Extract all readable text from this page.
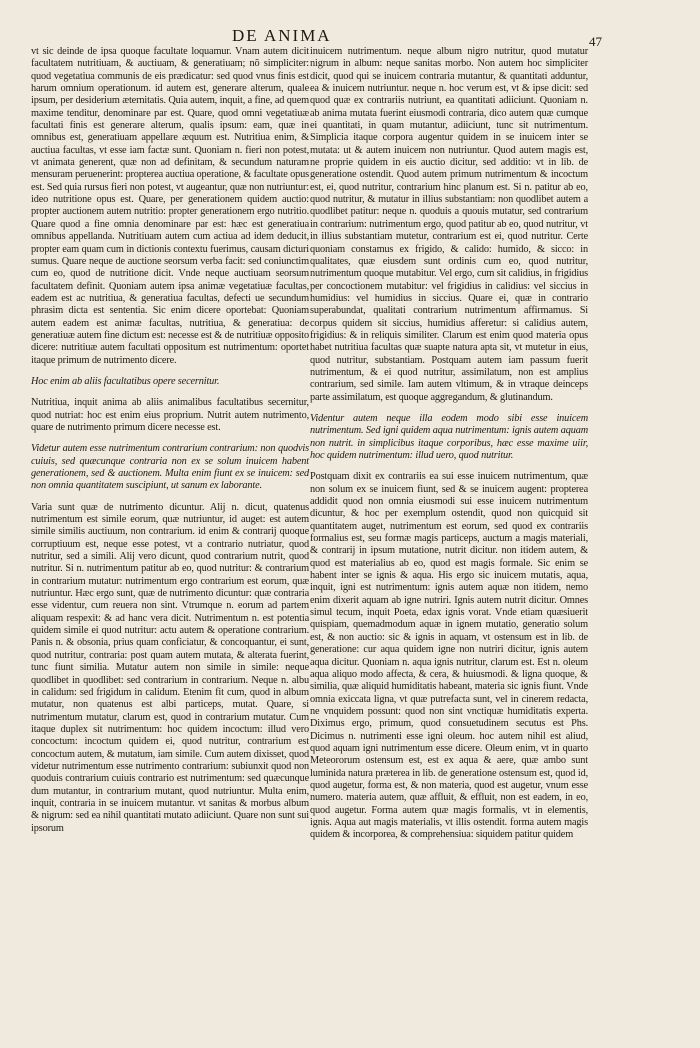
DE ANIMA	47

vt sic deinde de ipsa quoque facultate loquamur. Vnam autem dicit facultatem nutritiuam, & auctiuam, & generatiuam; nõ simpliciter: quod vegetatiua communis de eis prædicatur: sed quod vnus finis est harum omnium operationum. id autem est, generare alterum, quale ipsum, per desiderium æternitatis. Quia autem, inquit, a fine, ad quem maxime tenditur, denominare par est. Quare, quod omni vegetatiuæ facultati finis est generare alterum, qualis ipsum: eam, quæ in omnibus est, generatiuam appellare æquum est. Nutritiua enim, & auctiua facultas, vt esse iam factæ sunt. Quoniam n. fieri non potest, vt animata generent, quæ non ad definitam, & secundum naturam mensuram peruenerint: propterea auctiua operatione, & facultate opus est. Sed quia rursus fieri non potest, vt augeantur, quæ non nutriuntur: ideo nutritione opus est. Quare, per generationem quidem auctio: propter auctionem autem nutritio: propter generationem ergo nutritio. Quare quod a fine omnia denominare par est: hæc est generatiua omnibus appellanda. Nutritiuam autem cum actiua ad idem deducit, propter eam quam cum in dictionis contextu fuerimus, causam dicturi sumus. Quare neque de auctione seorsum verba facit: sed coniunctim cum eo, quod de nutritione dicit. Vnde neque auctiuam seorsum facultatem definit. Quoniam autem ipsa animæ vegetatiuæ facultas, eadem est ac nutritiua, & generatiua facultas, defecti ue secundum phrasim dicta est sententia. Sic enim dicere oportebat: Quoniam autem eadem est animæ facultas, nutritiua, & generatiua: de generatiuæ autem fine dictum est: necesse est & de nutritiuæ opposito dicere: nutritiuæ autem facultati oppositum est nutrimentum: oportet itaque primum de nutrimento dicere.

Hoc enim ab aliis facultatibus opere secernitur.

Nutritiua, inquit anima ab aliis animalibus facultatibus secernitur, quod nutriat: hoc est enim eius proprium. Nutrit autem nutrimento, quare de nutrimento primum dicere necesse est.

Videtur autem esse nutrimentum contrarium contrarium: non quodvis cuiuis, sed quæcunque contraria non ex se solum inuicem habent generationem, sed & auctionem. Multa enim fiunt ex se inuicem: sed non omnia quantitatem suscipiunt, ut sanum ex laborante.

Varia sunt quæ de nutrimento dicuntur. Alij n. dicut, quatenus nutrimentum est simile eorum, quæ nutriuntur, id auget: est autem simile similis auctiuum, non contrarium. id enim & contrarij quoque corruptiuum est, neque esse potest, vt a contrario nutriatur, quod nutritur, sed a simili. Alij vero dicunt, quod contrarium nutrit, quod nutritur. Si n. nutrimentum patitur ab eo, quod nutritur: & contrarium in contrarium mutatur: nutrimentum ergo contrarium est eorum, quæ nutriuntur. Hæc ergo sunt, quæ de nutrimento dicuntur: quæ contraria esse videntur, cum reuera non sint. Vtrumque n. eorum ad partem aliquam respexit: & ad hanc vera dicit. Nutrimentum n. est potentia quidem simile ei quod nutritur: actu autem & operatione contrarium. Panis n. & obsonia, prius quam conficiatur, & concoquantur, ei sunt, quod nutritur, contraria: post quam autem mutata, & alterata fuerint, tunc fiunt similia. Mutatur autem non simile in simile: neque quodlibet in quodlibet: sed contrarium in contrarium. Neque n. albu in calidum: sed frigidum in calidum. Etenim fit cum, quod in album mutatur, non quatenus est albi particeps, mutat. Quare, si nutrimentum mutatur, clarum est, quod in contrarium mutatur. Cum itaque duplex sit nutrimentum: hoc quidem incoctum: illud vero concoctum: incoctum quidem ei, quod nutritur, contrarium est concoctum autem, & mutatum, iam simile. Cum autem dixisset, quod videtur nutrimentum esse nutrimento contrarium: subiunxit quod non quoduis contrarium cuiuis contrario est nutrimentum: sed quæcunque dum mutantur, in contrarium mutant, quod nutriuntur. Multa enim, inquit, contraria in se inuicem mutantur. vt sanitas & morbus album & nigrum: sed ea nihil quantitati mutato adiiciunt. Quare non sunt sui ipsorum

inuicem nutrimentum. neque album nigro nutritur, quod mutatur nigrum in album: neque sanitas morbo. Non autem hoc simpliciter dicit, quod qui se inuicem contraria mutantur, & quantitati adduntur, ea & inuicem nutriuntur. neque n. hoc verum est, vt & ipse dicit: sed quod quæ ex contrariis nutriunt, ea quantitati adiiciunt. Quoniam n. ab anima mutata fuerint eiusmodi contraria, dico autem quæ cumque ei quantitati, in quam mutantur, adiiciunt, tunc sit nutrimentum. Simplicia itaque corpora augentur quidem in se inuicem inter se mutata: ut & autem inuicem non nutriuntur. Quod autem magis est, ne proprie quidem in eis auctio dicitur, sed additio: vt in lib. de generatione ostendit. Quod autem primum nutrimentum & incoctum est, ei, quod nutritur, contrarium hinc planum est. Si n. patitur ab eo, quod nutritur, & mutatur in illius substantiam: non quodlibet autem a quodlibet patitur: neque n. quoduis a quouis mutatur, sed contrarium in contrarium: nutrimentum ergo, quod patitur ab eo, quod nutritur, vt in illius substantiam mutetur, contrarium est ei, quod nutritur. Certe quoniam constamus ex frigido, & calido: humido, & sicco: in qualitates, quæ eiusdem sunt ordinis cum eo, quod nutritur, nutrimentum quoque mutabitur. Vel ergo, cum sit calidius, in frigidius per concoctionem mutabitur: vel frigidius in calidius: vel siccius in humidius: vel humidius in siccius. Quare ei, quæ in contrario superabundat, qualitati contrarium nutrimentum affirmamus. Si corpus quidem sit siccius, humidius afferetur: si calidius autem, frigidius: & in reliquis similiter. Clarum est enim quod materia opus habet nutritiua facultas quæ suapte natura apta sit, vt mutetur in eius, quod nutritur, substantiam. Postquam autem iam passum fuerit nutrimentum, & ei quod nutritur, assimilatum, non est amplius contrarium, sed simile. Iam autem vltimum, & in vtraque deinceps parte assimilatum, est quoque aggregandum, & glutinandum.

Videntur autem neque illa eodem modo sibi esse inuicem nutrimentum. Sed igni quidem aqua nutrimentum: ignis autem aquam non nutrit. in simplicibus itaque corporibus, hæc esse maxime uiir, hoc quidem nutrimentum: illud uero, quod nutritur.

Postquam dixit ex contrariis ea sui esse inuicem nutrimentum, quæ non solum ex se inuicem fiunt, sed & se inuicem augent: propterea addidit quod non omnia eiusmodi sui esse inuicem nutrimentum dicuntur, & hoc per exemplum ostendit, quod non quicquid sit quantitatem auget, nutrimentum est eorum, sed quod ex contrariis formalius est, seu formæ magis particeps, auctum a magis materiali, & contrarij in ipsum mutatione, nutrit dicitur. non itidem autem, & quod est materialius ab eo, quod est magis formale. Sic enim se habent inter se ignis & aqua. His ergo sic inuicem mutatis, aqua, inquit, igni est nutrimentum: ignis autem aquæ non itidem, nemo enim dixerit aquam ab igne nutriri. Ignis autem nutrit dicitur. Omnes simul tecum, inquit Poeta, edax ignis vorat. Vnde etiam quæsiuerit quispiam, quemadmodum aquæ in ignem mutatio, generatio solum est, & non auctio: sic & ignis in aquam, vt ostensum est in lib. de generatione: cur aqua quidem igne non nutriri dicitur, ignis autem aqua dicitur. Quoniam n. aqua ignis nutritur, clarum est. Est n. oleum aqua aliquo modo affecta, & cera, & huiusmodi. & ligna quoque, & similia, quæ aliquid humiditatis habeant, materia sic ignis fiunt. Vnde omnia exiccata ligna, vt quæ putrefacta sunt, vel in cinerem redacta, ne vnquidem possunt: quod non sint vnctiquæ humiditatis experta. Diximus ergo, primum, quod consuetudinem secutus est Phs. Dicimus n. nutrimenti esse igni oleum. hoc autem nihil est aliud, quod aquam igni nutrimentum esse dicere. Oleum enim, vt in quarto Meteororum ostensum est, est ex aqua & aere, quæ ambo sunt luminida natura præterea in lib. de generatione ostensum est, quod id, quod augetur, forma est, & non materia, quod est augetur, vnum esse numero. materia autem, quæ affluit, & effluit, non est eadem, in eo, quod augetur. Forma autem quæ magis formalis, vt in elementis, ignis. Aqua aut magis materialis, vt illis ostendit. forma autem magis quidem & incorporea, & comprehensiua: siquidem patitur quidem
